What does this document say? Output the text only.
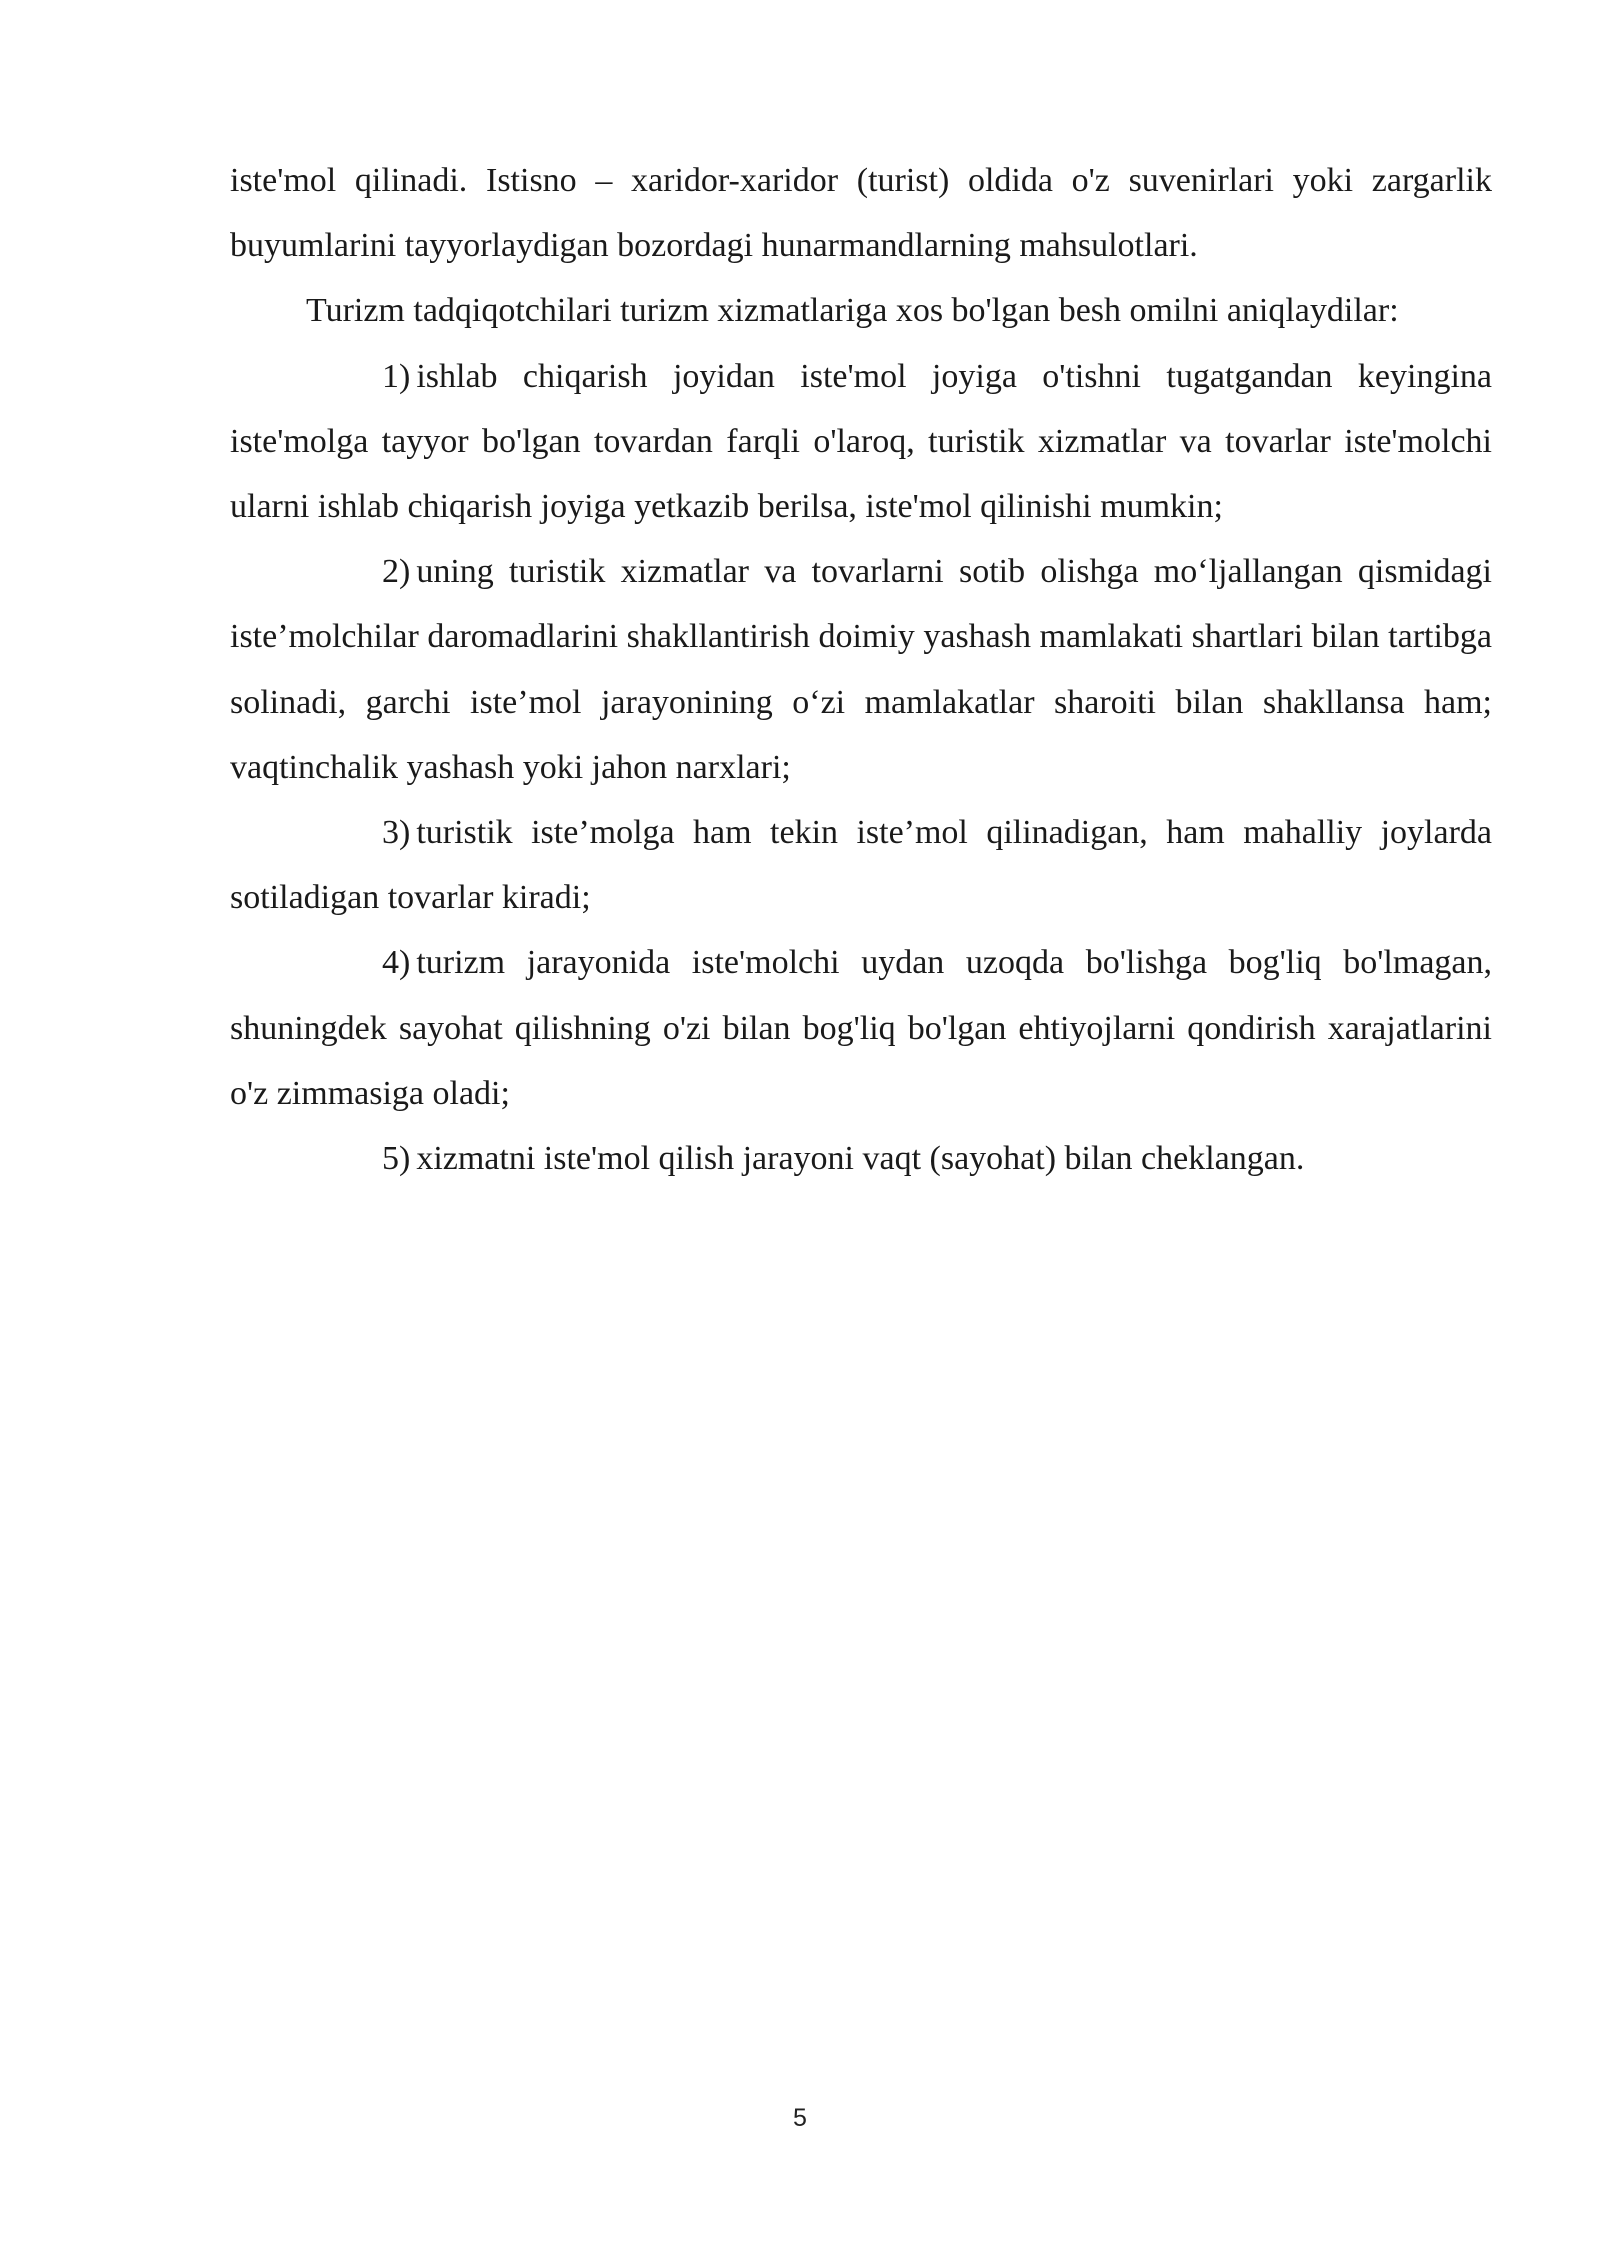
iste'mol qilinadi. Istisno – xaridor-xaridor (turist) oldida o'z suvenirlari yoki zargarlik buyumlarini tayyorlaydigan bozordagi hunarmandlarning mahsulotlari.

Turizm tadqiqotchilari turizm xizmatlariga xos bo'lgan besh omilni aniqlaydilar:

1) ishlab chiqarish joyidan iste'mol joyiga o'tishni tugatgandan keyingina iste'molga tayyor bo'lgan tovardan farqli o'laroq, turistik xizmatlar va tovarlar iste'molchi ularni ishlab chiqarish joyiga yetkazib berilsa, iste'mol qilinishi mumkin;

2) uning turistik xizmatlar va tovarlarni sotib olishga mo‘ljallangan qismidagi iste’molchilar daromadlarini shakllantirish doimiy yashash mamlakati shartlari bilan tartibga solinadi, garchi iste’mol jarayonining o‘zi mamlakatlar sharoiti bilan shakllansa ham; vaqtinchalik yashash yoki jahon narxlari;

3) turistik iste’molga ham tekin iste’mol qilinadigan, ham mahalliy joylarda sotiladigan tovarlar kiradi;

4) turizm jarayonida iste'molchi uydan uzoqda bo'lishga bog'liq bo'lmagan, shuningdek sayohat qilishning o'zi bilan bog'liq bo'lgan ehtiyojlarni qondirish xarajatlarini o'z zimmasiga oladi;

5) xizmatni iste'mol qilish jarayoni vaqt (sayohat) bilan cheklangan.

5
